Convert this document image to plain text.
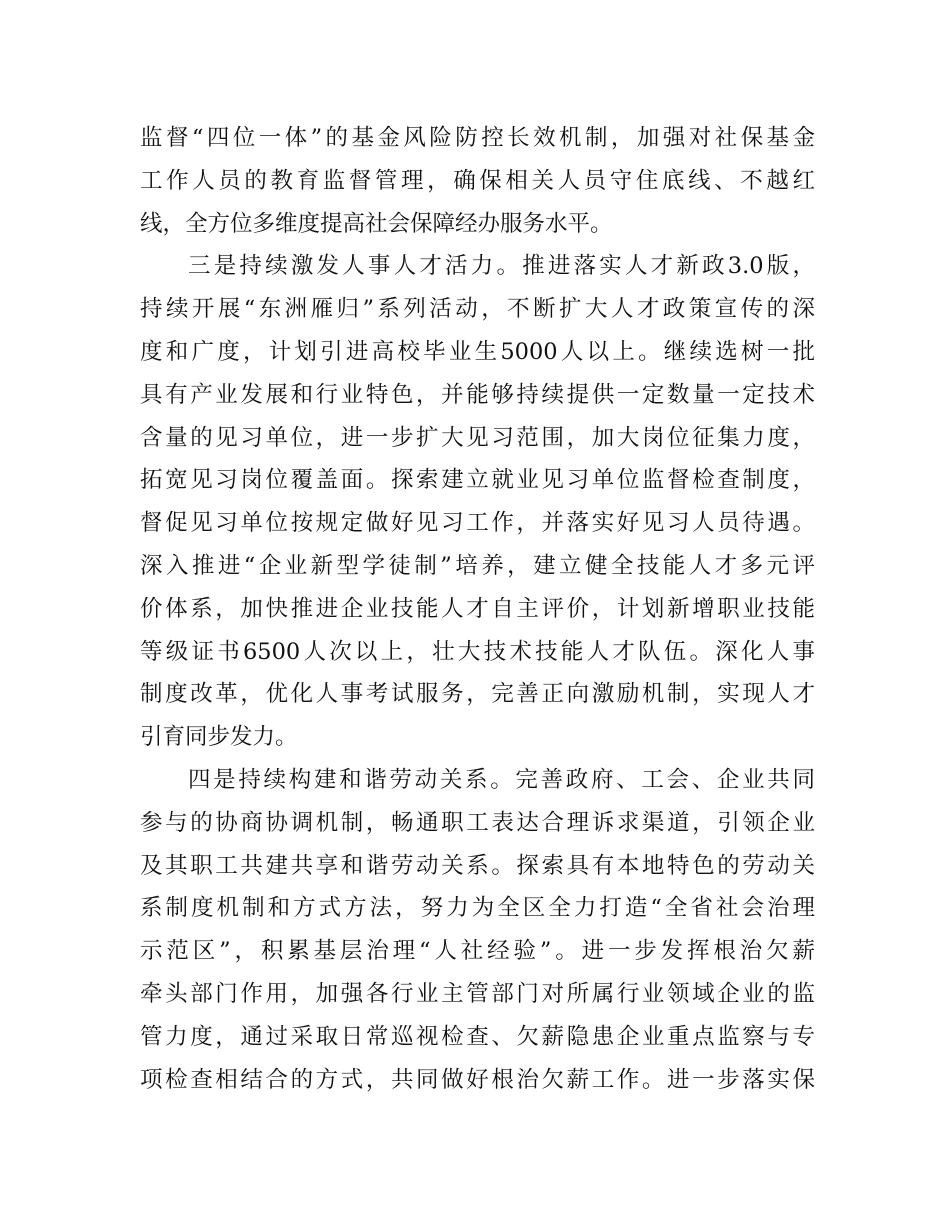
监督“四位一体”的基金风险防控长效机制，加强对社保基金
工作人员的教育监督管理，确保相关人员守住底线、不越红
线，全方位多维度提高社会保障经办服务水平。
三是持续激发人事人才活力。推进落实人才新政3.0版，
持续开展“东洲雁归”系列活动，不断扩大人才政策宣传的深
度和广度，计划引进高校毕业生5000人以上。继续选树一批
具有产业发展和行业特色，并能够持续提供一定数量一定技术
含量的见习单位，进一步扩大见习范围，加大岗位征集力度，
拓宽见习岗位覆盖面。探索建立就业见习单位监督检查制度，
督促见习单位按规定做好见习工作，并落实好见习人员待遇。
深入推进“企业新型学徒制”培养，建立健全技能人才多元评
价体系，加快推进企业技能人才自主评价，计划新增职业技能
等级证书6500人次以上，壮大技术技能人才队伍。深化人事
制度改革，优化人事考试服务，完善正向激励机制，实现人才
引育同步发力。
四是持续构建和谐劳动关系。完善政府、工会、企业共同
参与的协商协调机制，畅通职工表达合理诉求渠道，引领企业
及其职工共建共享和谐劳动关系。探索具有本地特色的劳动关
系制度机制和方式方法，努力为全区全力打造“全省社会治理
示范区”，积累基层治理“人社经验”。进一步发挥根治欠薪
牵头部门作用，加强各行业主管部门对所属行业领域企业的监
管力度，通过采取日常巡视检查、欠薪隐患企业重点监察与专
项检查相结合的方式，共同做好根治欠薪工作。进一步落实保
